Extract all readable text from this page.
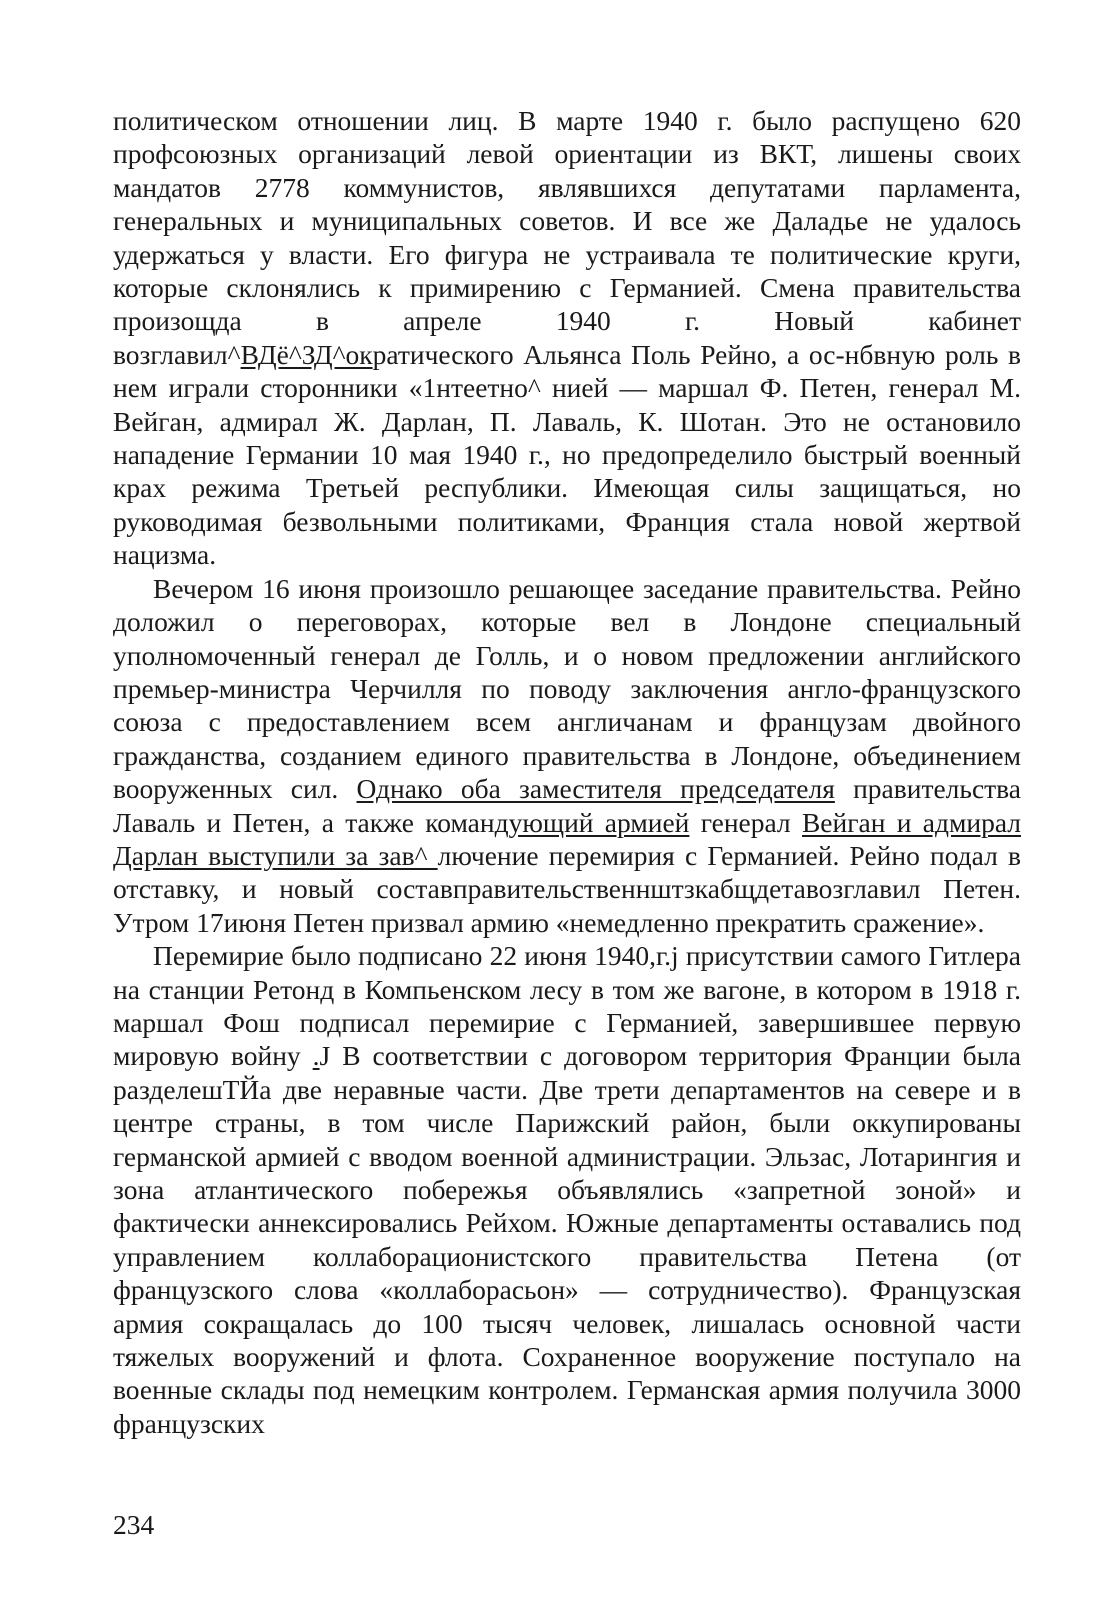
политическом отношении лиц. В марте 1940 г. было распущено 620 профсоюзных организаций левой ориентации из ВКТ, лишены своих мандатов 2778 коммунистов, являвшихся депутатами парламента, генеральных и муниципальных советов. И все же Даладье не удалось удержаться у власти. Его фигура не устраивала те политические круги, которые склонялись к примирению с Германией. Смена правительства произощда в апреле 1940 г. Новый кабинет возглавил^ВДё^ЗД^ократического Альянса Поль Рейно, а ос-нбвную роль в нем играли сторонники «1нтеетно^ нией — маршал Ф. Петен, генерал М. Вейган, адмирал Ж. Дарлан, П. Лаваль, К. Шотан. Это не остановило нападение Германии 10 мая 1940 г., но предопределило быстрый военный крах режима Третьей республики. Имеющая силы защищаться, но руководимая безвольными политиками, Франция стала новой жертвой нацизма.

Вечером 16 июня произошло решающее заседание правительства. Рейно доложил о переговорах, которые вел в Лондоне специальный уполномоченный генерал де Голль, и о новом предложении английского премьер-министра Черчилля по поводу заключения англо-французского союза с предоставлением всем англичанам и французам двойного гражданства, созданием единого правительства в Лондоне, объединением вооруженных сил. Однако оба заместителя председателя правительства Лаваль и Петен, а также командующий армией генерал Вейган и адмирал Дарлан выступили за зав^ лючение перемирия с Германией. Рейно подал в отставку, и новый составправительственнштзкабщдетавозглавил Петен. Утром 17июня Петен призвал армию «немедленно прекратить сражение».

Перемирие было подписано 22 июня 1940,г.j присутствии самого Гитлера на станции Ретонд в Компьенском лесу в том же вагоне, в котором в 1918 г. маршал Фош подписал перемирие с Германией, завершившее первую мировую войну .J В соответствии с договором территория Франции была разделешТЙа две неравные части. Две трети департаментов на севере и в центре страны, в том числе Парижский район, были оккупированы германской армией с вводом военной администрации. Эльзас, Лотарингия и зона атлантического побережья объявлялись «запретной зоной» и фактически аннексировались Рейхом. Южные департаменты оставались под управлением коллаборационистского правительства Петена (от французского слова «коллаборасьон» — сотрудничество). Французская армия сокращалась до 100 тысяч человек, лишалась основной части тяжелых вооружений и флота. Сохраненное вооружение поступало на военные склады под немецким контролем. Германская армия получила 3000 французских

234
